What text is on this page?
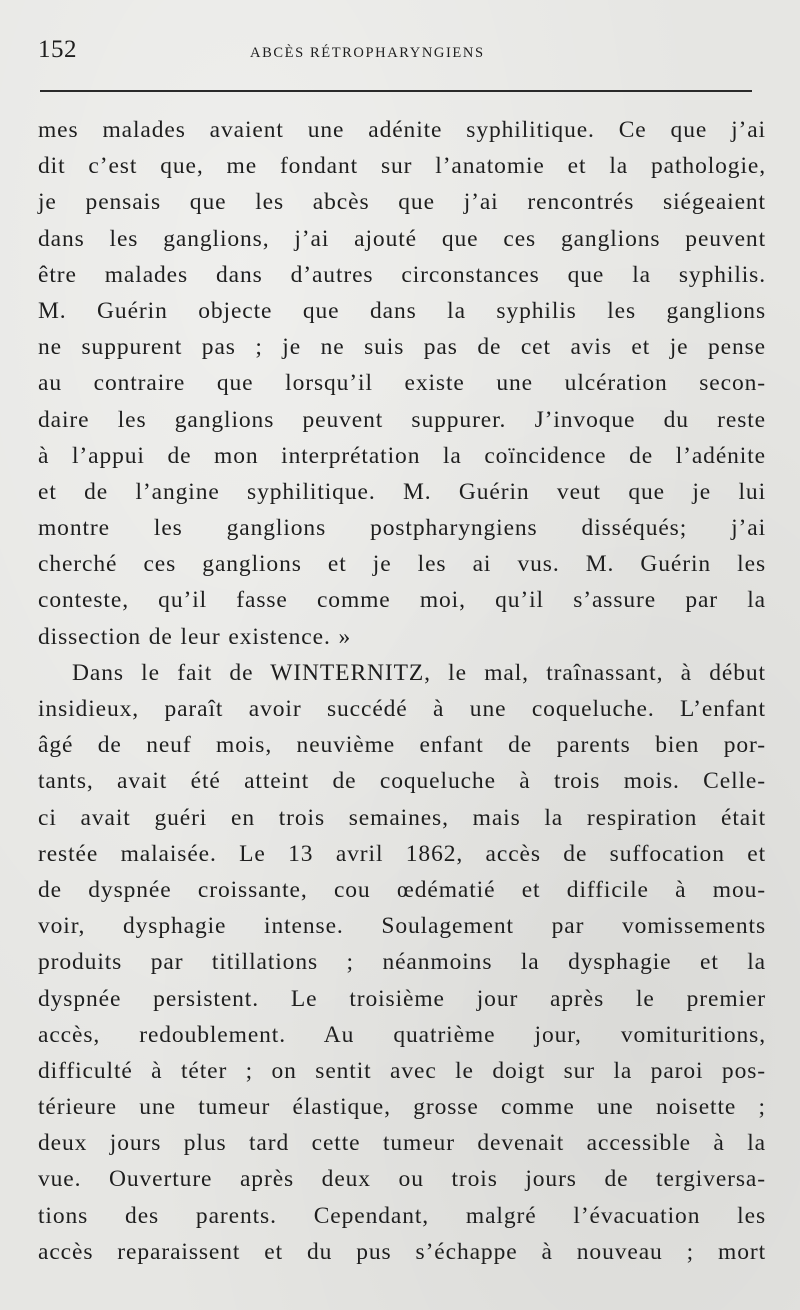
152	ABCÈS RÉTROPHARYNGIENS
mes malades avaient une adénite syphilitique. Ce que j’ai
dit c’est que, me fondant sur l’anatomie et la pathologie,
je pensais que les abcès que j’ai rencontrés siégeaient
dans les ganglions, j’ai ajouté que ces ganglions peuvent
être malades dans d’autres circonstances que la syphilis.
M. Guérin objecte que dans la syphilis les ganglions
ne suppurent pas ; je ne suis pas de cet avis et je pense
au contraire que lorsqu’il existe une ulcération secon-
daire les ganglions peuvent suppurer. J’invoque du reste
à l’appui de mon interprétation la coïncidence de l’adénite
et de l’angine syphilitique. M. Guérin veut que je lui
montre les ganglions postpharyngiens disséqués; j’ai
cherché ces ganglions et je les ai vus. M. Guérin les
conteste, qu’il fasse comme moi, qu’il s’assure par la
dissection de leur existence. »
Dans le fait de WINTERNITZ, le mal, traînassant, à début
insidieux, paraît avoir succédé à une coqueluche. L’enfant
âgé de neuf mois, neuvième enfant de parents bien por-
tants, avait été atteint de coqueluche à trois mois. Celle-
ci avait guéri en trois semaines, mais la respiration était
restée malaisée. Le 13 avril 1862, accès de suffocation et
de dyspnée croissante, cou œdématié et difficile à mou-
voir, dysphagie intense. Soulagement par vomissements
produits par titillations ; néanmoins la dysphagie et la
dyspnée persistent. Le troisième jour après le premier
accès, redoublement. Au quatrième jour, vomituritions,
difficulté à téter ; on sentit avec le doigt sur la paroi pos-
térieure une tumeur élastique, grosse comme une noisette ;
deux jours plus tard cette tumeur devenait accessible à la
vue. Ouverture après deux ou trois jours de tergiversa-
tions des parents. Cependant, malgré l’évacuation les
accès reparaissent et du pus s’échappe à nouveau ; mort
